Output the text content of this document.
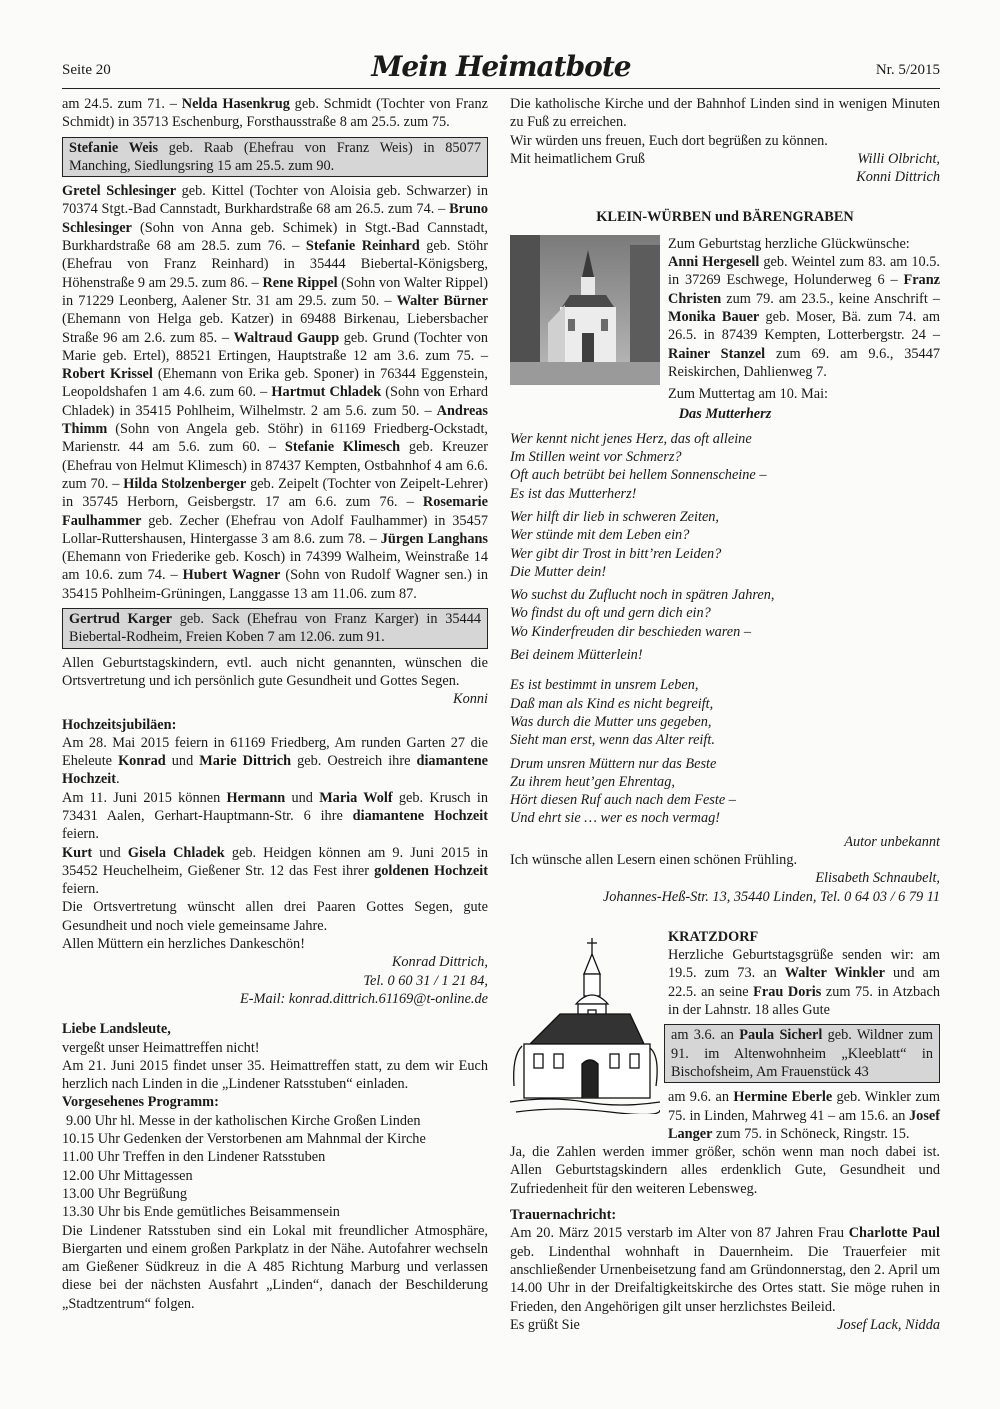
Seite 20	Mein Heimatbote	Nr. 5/2015

am 24.5. zum 71. – Nelda Hasenkrug geb. Schmidt (Tochter von Franz Schmidt) in 35713 Eschenburg, Forsthausstraße 8 am 25.5. zum 75.

Stefanie Weis geb. Raab (Ehefrau von Franz Weis) in 85077 Manching, Siedlungsring 15 am 25.5. zum 90.

Gretel Schlesinger geb. Kittel (Tochter von Aloisia geb. Schwarzer) in 70374 Stgt.-Bad Cannstadt, Burkhardstraße 68 am 26.5. zum 74. – Bruno Schlesinger (Sohn von Anna geb. Schimek) in Stgt.-Bad Cannstadt, Burkhardstraße 68 am 28.5. zum 76. – Stefanie Reinhard geb. Stöhr (Ehefrau von Franz Reinhard) in 35444 Biebertal-Königsberg, Höhenstraße 9 am 29.5. zum 86. – Rene Rippel (Sohn von Walter Rippel) in 71229 Leonberg, Aalener Str. 31 am 29.5. zum 50. – Walter Bürner (Ehemann von Helga geb. Katzer) in 69488 Birkenau, Liebersbacher Straße 96 am 2.6. zum 85. – Waltraud Gaupp geb. Grund (Tochter von Marie geb. Ertel), 88521 Ertingen, Hauptstraße 12 am 3.6. zum 75. – Robert Krissel (Ehemann von Erika geb. Sponer) in 76344 Eggenstein, Leopoldshafen 1 am 4.6. zum 60. – Hartmut Chladek (Sohn von Erhard Chladek) in 35415 Pohlheim, Wilhelmstr. 2 am 5.6. zum 50. – Andreas Thimm (Sohn von Angela geb. Stöhr) in 61169 Friedberg-Ockstadt, Marienstr. 44 am 5.6. zum 60. – Stefanie Klimesch geb. Kreuzer (Ehefrau von Helmut Klimesch) in 87437 Kempten, Ostbahnhof 4 am 6.6. zum 70. – Hilda Stolzenberger geb. Zeipelt (Tochter von Zeipelt-Lehrer) in 35745 Herborn, Geisbergstr. 17 am 6.6. zum 76. – Rosemarie Faulhammer geb. Zecher (Ehefrau von Adolf Faulhammer) in 35457 Lollar-Ruttershausen, Hintergasse 3 am 8.6. zum 78. – Jürgen Langhans (Ehemann von Friederike geb. Kosch) in 74399 Walheim, Weinstraße 14 am 10.6. zum 74. – Hubert Wagner (Sohn von Rudolf Wagner sen.) in 35415 Pohlheim-Grüningen, Langgasse 13 am 11.06. zum 87.

Gertrud Karger geb. Sack (Ehefrau von Franz Karger) in 35444 Biebertal-Rodheim, Freien Koben 7 am 12.06. zum 91.

Allen Geburtstagskindern, evtl. auch nicht genannten, wünschen die Ortsvertretung und ich persönlich gute Gesundheit und Gottes Segen.

Konni

Hochzeitsjubiläen:

Am 28. Mai 2015 feiern in 61169 Friedberg, Am runden Garten 27 die Eheleute Konrad und Marie Dittrich geb. Oestreich ihre diamantene Hochzeit.

Am 11. Juni 2015 können Hermann und Maria Wolf geb. Krusch in 73431 Aalen, Gerhart-Hauptmann-Str. 6 ihre diamantene Hochzeit feiern.

Kurt und Gisela Chladek geb. Heidgen können am 9. Juni 2015 in 35452 Heuchelheim, Gießener Str. 12 das Fest ihrer goldenen Hochzeit feiern.

Die Ortsvertretung wünscht allen drei Paaren Gottes Segen, gute Gesundheit und noch viele gemeinsame Jahre.

Allen Müttern ein herzliches Dankeschön!

Konrad Dittrich,

Tel. 0 60 31 / 1 21 84,

E-Mail: konrad.dittrich.61169@t-online.de

Liebe Landsleute,

vergeßt unser Heimattreffen nicht!

Am 21. Juni 2015 findet unser 35. Heimattreffen statt, zu dem wir Euch herzlich nach Linden in die „Lindener Ratsstuben“ einladen.

Vorgesehenes Programm:

9.00 Uhr hl. Messe in der katholischen Kirche Großen Linden

10.15 Uhr Gedenken der Verstorbenen am Mahnmal der Kirche

11.00 Uhr Treffen in den Lindener Ratsstuben

12.00 Uhr Mittagessen

13.00 Uhr Begrüßung

13.30 Uhr bis Ende gemütliches Beisammensein

Die Lindener Ratsstuben sind ein Lokal mit freundlicher Atmosphäre, Biergarten und einem großen Parkplatz in der Nähe. Autofahrer wechseln am Gießener Südkreuz in die A 485 Richtung Marburg und verlassen diese bei der nächsten Ausfahrt „Linden“, danach der Beschilderung „Stadtzentrum“ folgen.

Die katholische Kirche und der Bahnhof Linden sind in wenigen Minuten zu Fuß zu erreichen.

Wir würden uns freuen, Euch dort begrüßen zu können.

Mit heimatlichem Gruß	Willi Olbricht,

Konni Dittrich

KLEIN-WÜRBEN und BÄRENGRABEN

Zum Geburtstag herzliche Glückwünsche:

Anni Hergesell geb. Weintel zum 83. am 10.5. in 37269 Eschwege, Holunderweg 6 – Franz Christen zum 79. am 23.5., keine Anschrift – Monika Bauer geb. Moser, Bä. zum 74. am 26.5. in 87439 Kempten, Lotterbergstr. 24 – Rainer Stanzel zum 69. am 9.6., 35447 Reiskirchen, Dahlienweg 7.

Zum Muttertag am 10. Mai:

Das Mutterherz

Wer kennt nicht jenes Herz, das oft alleine

Im Stillen weint vor Schmerz?

Oft auch betrübt bei hellem Sonnenscheine –

Es ist das Mutterherz!

Wer hilft dir lieb in schweren Zeiten,

Wer stünde mit dem Leben ein?

Wer gibt dir Trost in bitt’ren Leiden?

Die Mutter dein!

Wo suchst du Zuflucht noch in spätren Jahren,

Wo findst du oft und gern dich ein?

Wo Kinderfreuden dir beschieden waren –

Bei deinem Mütterlein!

Es ist bestimmt in unsrem Leben,

Daß man als Kind es nicht begreift,

Was durch die Mutter uns gegeben,

Sieht man erst, wenn das Alter reift.

Drum unsren Müttern nur das Beste

Zu ihrem heut’gen Ehrentag,

Hört diesen Ruf auch nach dem Feste –

Und ehrt sie … wer es noch vermag!

Autor unbekannt

Ich wünsche allen Lesern einen schönen Frühling.

Elisabeth Schnaubelt,

Johannes-Heß-Str. 13, 35440 Linden, Tel. 0 64 03 / 6 79 11

KRATZDORF

Herzliche Geburtstagsgrüße senden wir: am 19.5. zum 73. an Walter Winkler und am 22.5. an seine Frau Doris zum 75. in Atzbach in der Lahnstr. 18 alles Gute

am 3.6. an Paula Sicherl geb. Wildner zum 91. im Altenwohnheim „Kleeblatt“ in Bischofsheim, Am Frauenstück 43

am 9.6. an Hermine Eberle geb. Winkler zum 75. in Linden, Mahrweg 41 – am 15.6. an Josef Langer zum 75. in Schöneck, Ringstr. 15.

Ja, die Zahlen werden immer größer, schön wenn man noch dabei ist. Allen Geburtstagskindern alles erdenklich Gute, Gesundheit und Zufriedenheit für den weiteren Lebensweg.

Trauernachricht:

Am 20. März 2015 verstarb im Alter von 87 Jahren Frau Charlotte Paul geb. Lindenthal wohnhaft in Dauernheim. Die Trauerfeier mit anschließender Urnenbeisetzung fand am Gründonnerstag, den 2. April um 14.00 Uhr in der Dreifaltigkeitskirche des Ortes statt. Sie möge ruhen in Frieden, den Angehörigen gilt unser herzlichstes Beileid.

Es grüßt Sie	Josef Lack, Nidda
